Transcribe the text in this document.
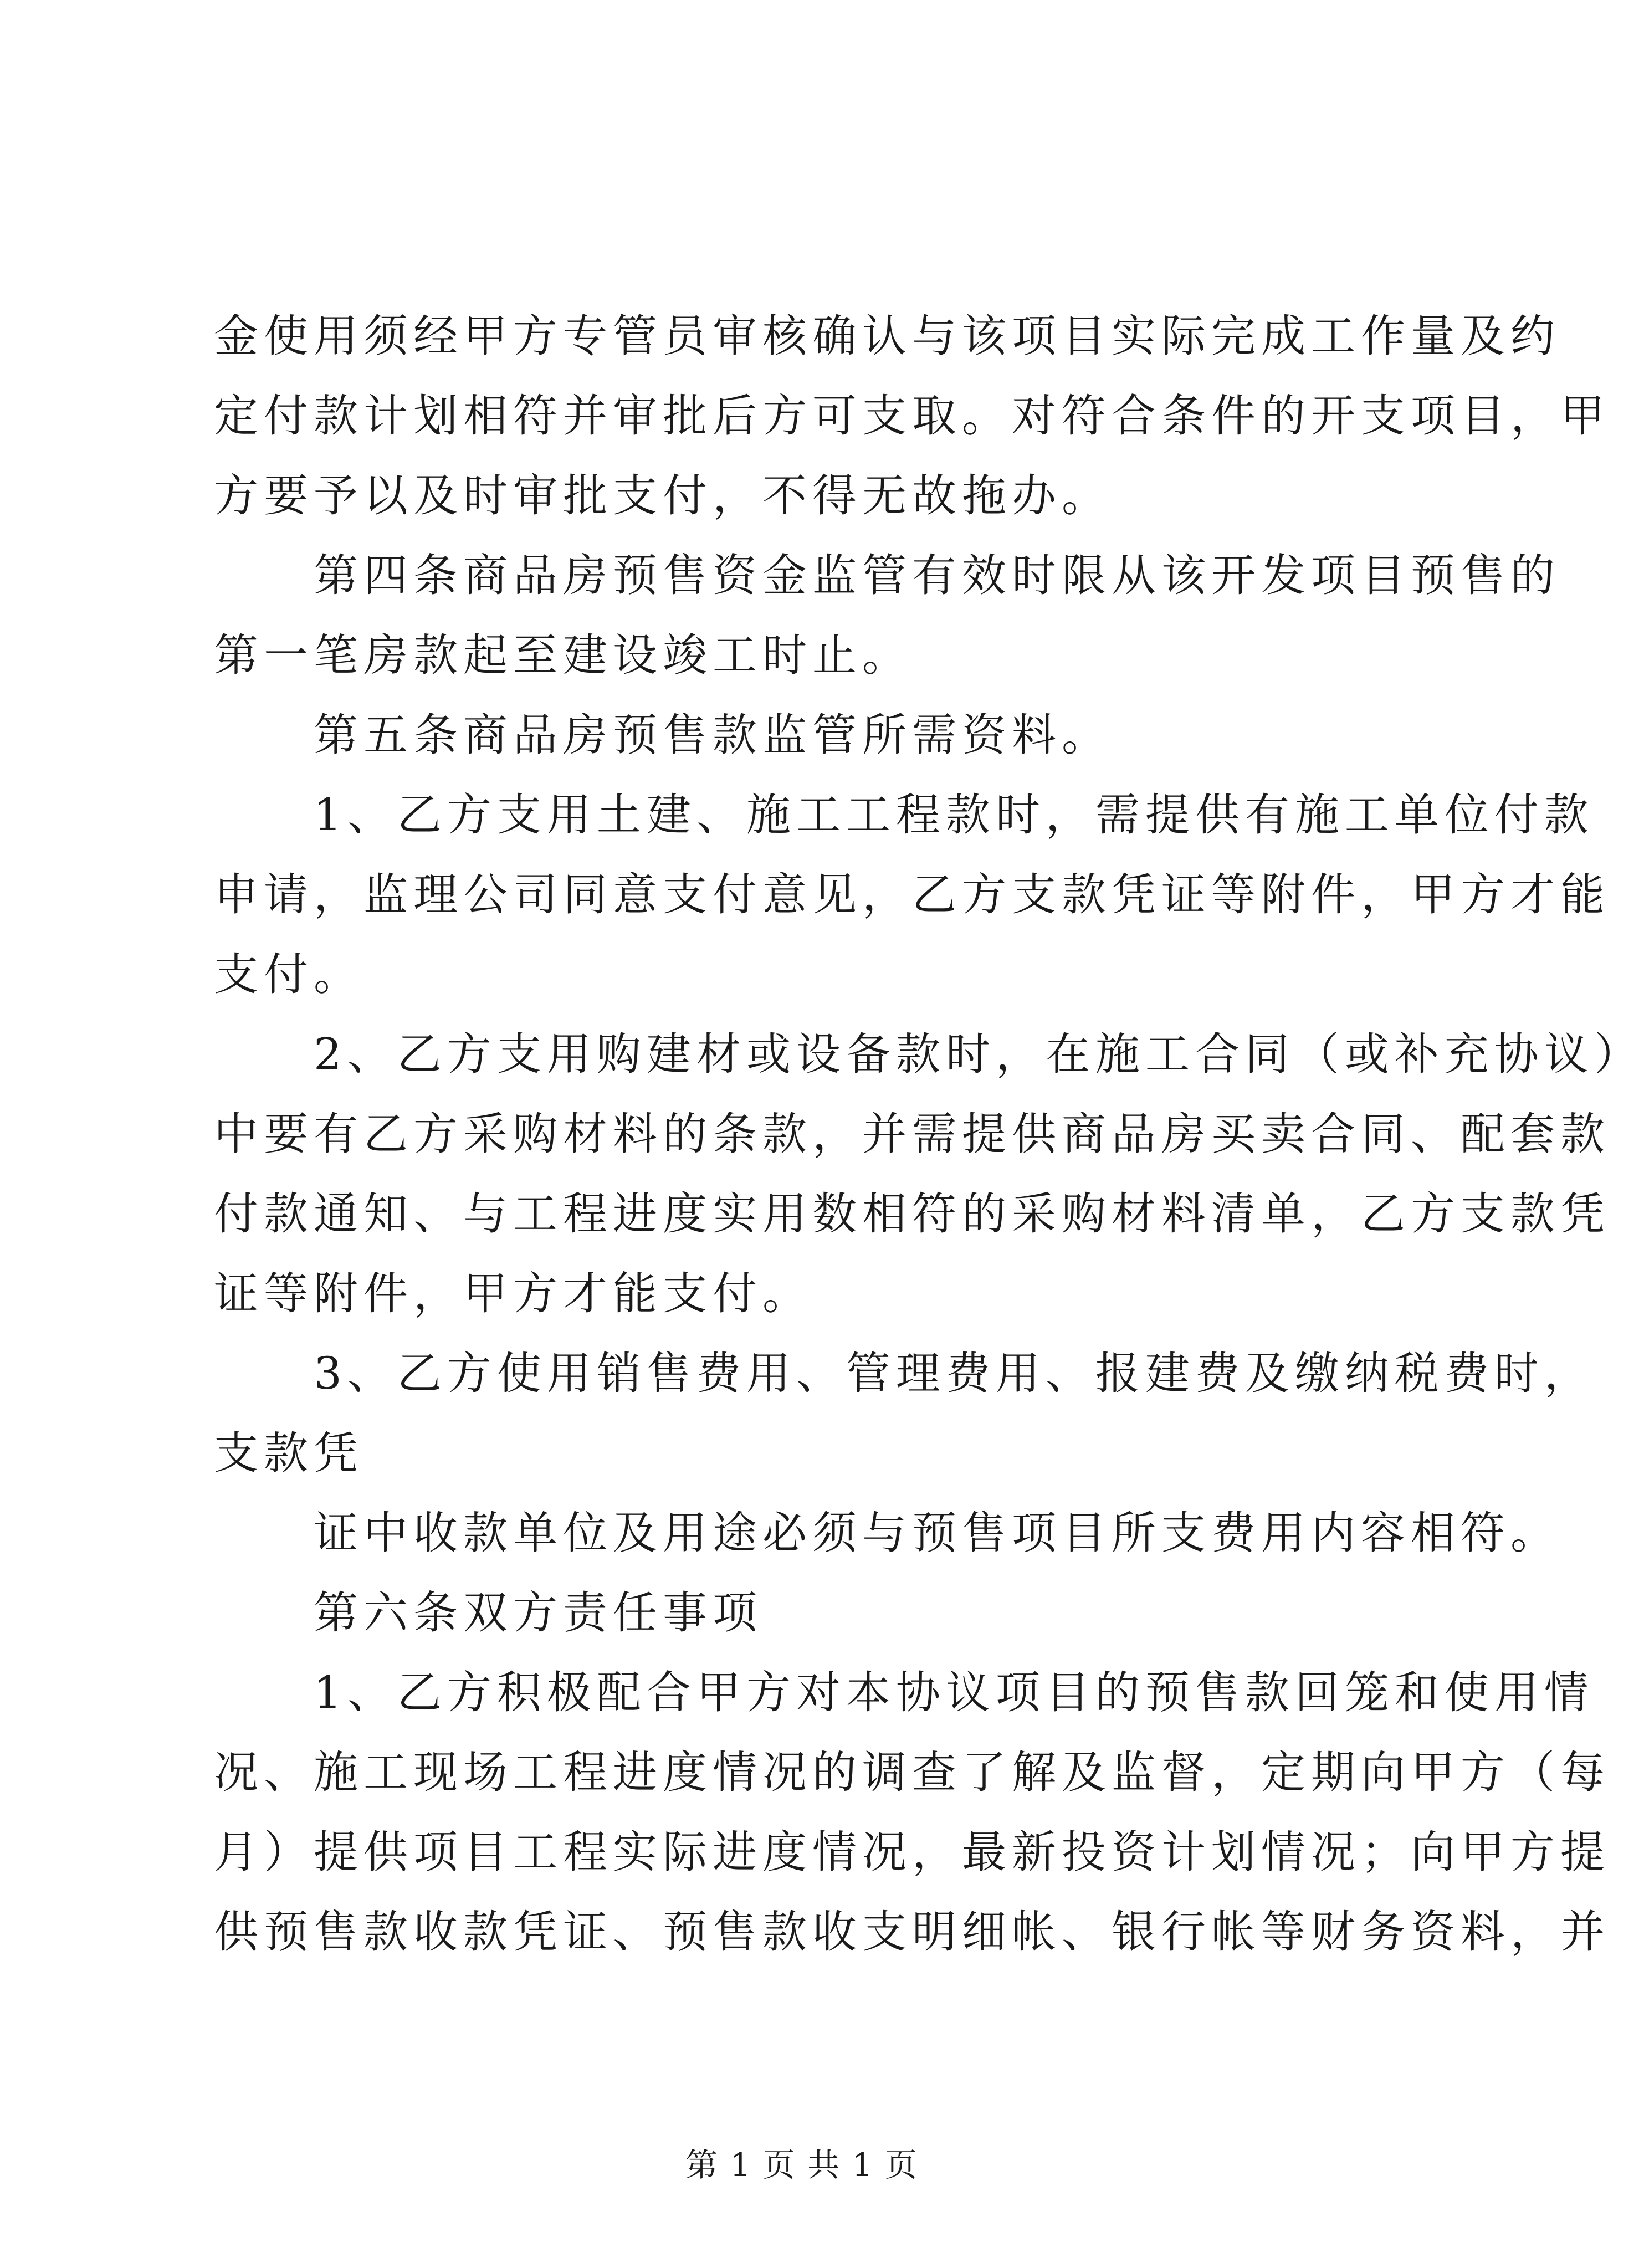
金使用须经甲方专管员审核确认与该项目实际完成工作量及约
定付款计划相符并审批后方可支取。对符合条件的开支项目，甲
方要予以及时审批支付，不得无故拖办。
第四条商品房预售资金监管有效时限从该开发项目预售的
第一笔房款起至建设竣工时止。
第五条商品房预售款监管所需资料。
1、乙方支用土建、施工工程款时，需提供有施工单位付款
申请，监理公司同意支付意见，乙方支款凭证等附件，甲方才能
支付。
2、乙方支用购建材或设备款时，在施工合同（或补充协议）
中要有乙方采购材料的条款，并需提供商品房买卖合同、配套款
付款通知、与工程进度实用数相符的采购材料清单，乙方支款凭
证等附件，甲方才能支付。
3、乙方使用销售费用、管理费用、报建费及缴纳税费时，
支款凭
证中收款单位及用途必须与预售项目所支费用内容相符。
第六条双方责任事项
1、乙方积极配合甲方对本协议项目的预售款回笼和使用情
况、施工现场工程进度情况的调查了解及监督，定期向甲方（每
月）提供项目工程实际进度情况，最新投资计划情况；向甲方提
供预售款收款凭证、预售款收支明细帐、银行帐等财务资料，并
第 1 页 共 1 页
